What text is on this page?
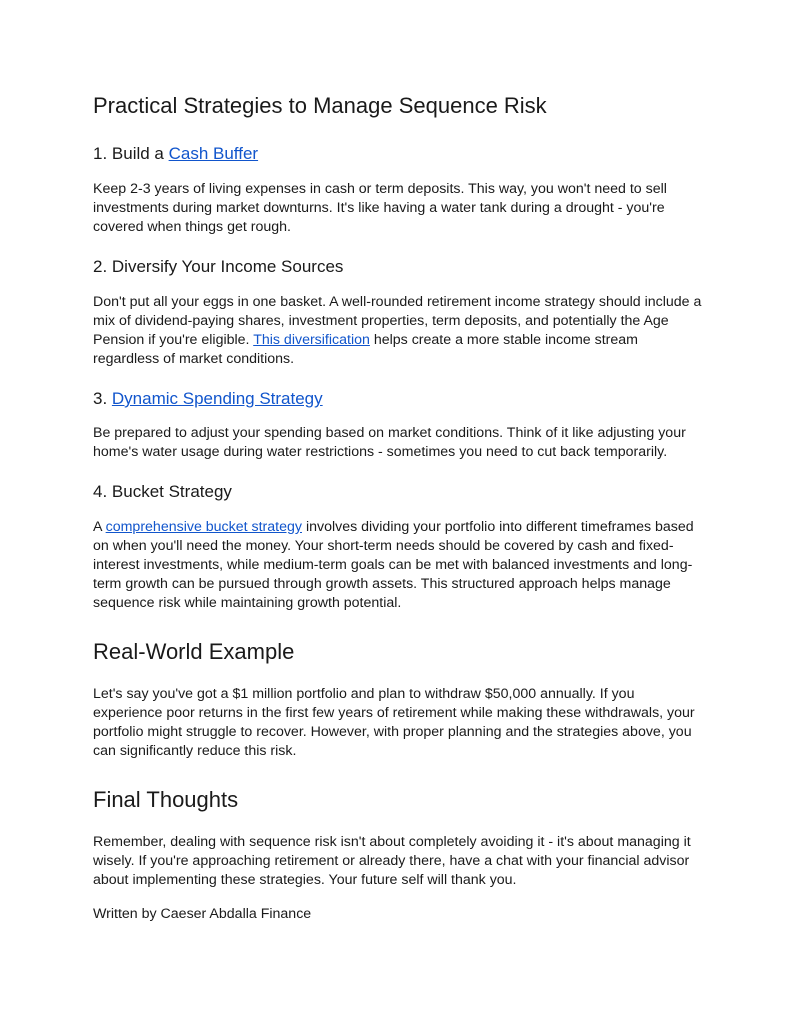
Practical Strategies to Manage Sequence Risk
1. Build a Cash Buffer

Keep 2-3 years of living expenses in cash or term deposits. This way, you won't need to sell investments during market downturns. It's like having a water tank during a drought - you're covered when things get rough.

2. Diversify Your Income Sources

Don't put all your eggs in one basket. A well-rounded retirement income strategy should include a mix of dividend-paying shares, investment properties, term deposits, and potentially the Age Pension if you're eligible. This diversification helps create a more stable income stream regardless of market conditions.

3. Dynamic Spending Strategy

Be prepared to adjust your spending based on market conditions. Think of it like adjusting your home's water usage during water restrictions - sometimes you need to cut back temporarily.

4. Bucket Strategy

A comprehensive bucket strategy involves dividing your portfolio into different timeframes based on when you'll need the money. Your short-term needs should be covered by cash and fixed-interest investments, while medium-term goals can be met with balanced investments and long-term growth can be pursued through growth assets. This structured approach helps manage sequence risk while maintaining growth potential.

Real-World Example

Let's say you've got a $1 million portfolio and plan to withdraw $50,000 annually. If you experience poor returns in the first few years of retirement while making these withdrawals, your portfolio might struggle to recover. However, with proper planning and the strategies above, you can significantly reduce this risk.

Final Thoughts

Remember, dealing with sequence risk isn't about completely avoiding it - it's about managing it wisely. If you're approaching retirement or already there, have a chat with your financial advisor about implementing these strategies. Your future self will thank you.

Written by Caeser Abdalla Finance
